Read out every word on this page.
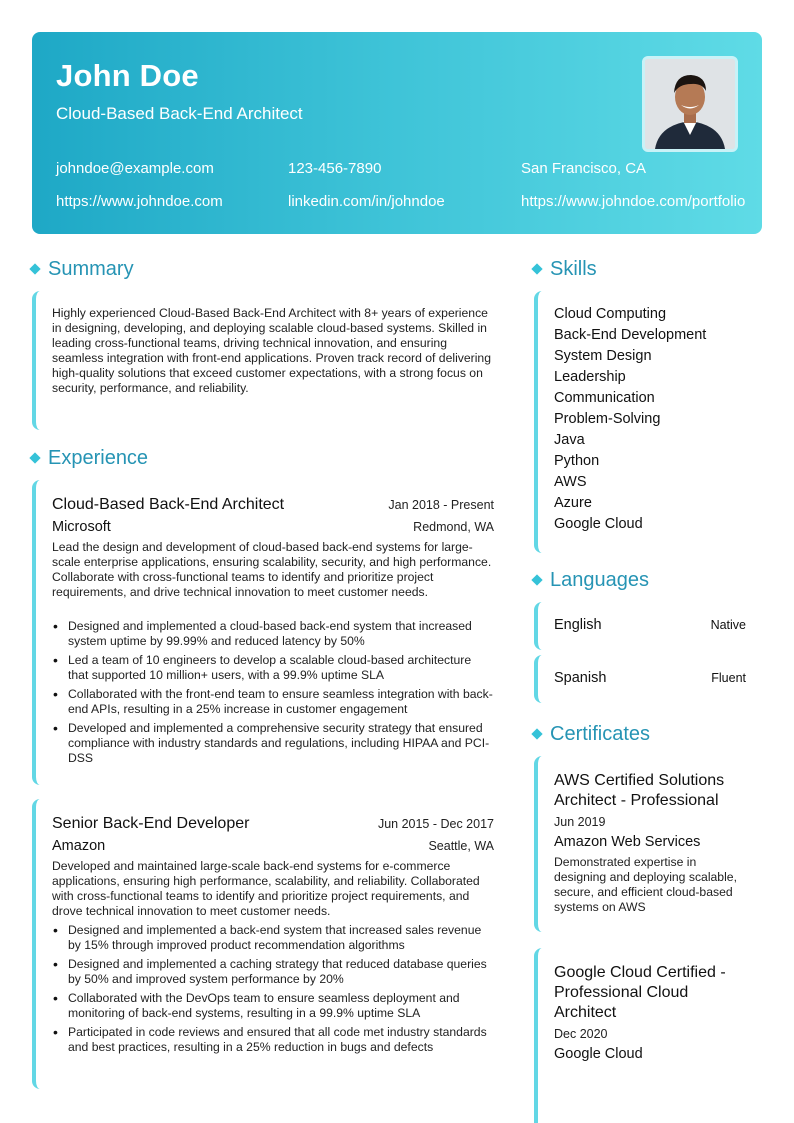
John Doe
Cloud-Based Back-End Architect
johndoe@example.com	123-456-7890	San Francisco, CA
https://www.johndoe.com	linkedin.com/in/johndoe	https://www.johndoe.com/portfolio
Summary
Highly experienced Cloud-Based Back-End Architect with 8+ years of experience in designing, developing, and deploying scalable cloud-based systems. Skilled in leading cross-functional teams, driving technical innovation, and ensuring seamless integration with front-end applications. Proven track record of delivering high-quality solutions that exceed customer expectations, with a strong focus on security, performance, and reliability.
Experience
Cloud-Based Back-End Architect	Jan 2018 - Present
Microsoft	Redmond, WA
Lead the design and development of cloud-based back-end systems for large-scale enterprise applications, ensuring scalability, security, and high performance. Collaborate with cross-functional teams to identify and prioritize project requirements, and drive technical innovation to meet customer needs.
• Designed and implemented a cloud-based back-end system that increased system uptime by 99.99% and reduced latency by 50%
• Led a team of 10 engineers to develop a scalable cloud-based architecture that supported 10 million+ users, with a 99.9% uptime SLA
• Collaborated with the front-end team to ensure seamless integration with back-end APIs, resulting in a 25% increase in customer engagement
• Developed and implemented a comprehensive security strategy that ensured compliance with industry standards and regulations, including HIPAA and PCI-DSS
Senior Back-End Developer	Jun 2015 - Dec 2017
Amazon	Seattle, WA
Developed and maintained large-scale back-end systems for e-commerce applications, ensuring high performance, scalability, and reliability. Collaborated with cross-functional teams to identify and prioritize project requirements, and drove technical innovation to meet customer needs.
• Designed and implemented a back-end system that increased sales revenue by 15% through improved product recommendation algorithms
• Designed and implemented a caching strategy that reduced database queries by 50% and improved system performance by 20%
• Collaborated with the DevOps team to ensure seamless deployment and monitoring of back-end systems, resulting in a 99.9% uptime SLA
• Participated in code reviews and ensured that all code met industry standards and best practices, resulting in a 25% reduction in bugs and defects
Skills
Cloud Computing
Back-End Development
System Design
Leadership
Communication
Problem-Solving
Java
Python
AWS
Azure
Google Cloud
Languages
English	Native
Spanish	Fluent
Certificates
AWS Certified Solutions Architect - Professional
Jun 2019
Amazon Web Services
Demonstrated expertise in designing and deploying scalable, secure, and efficient cloud-based systems on AWS
Google Cloud Certified - Professional Cloud Architect
Dec 2020
Google Cloud
